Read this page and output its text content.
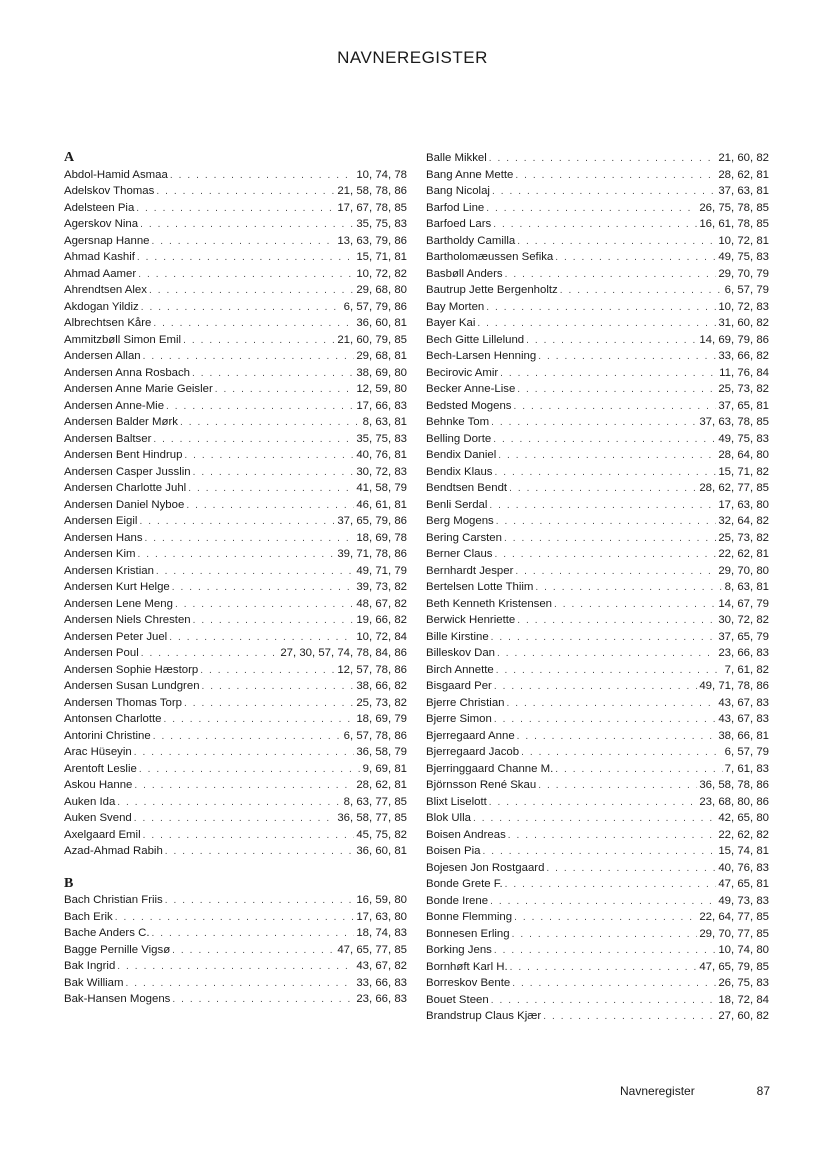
NAVNEREGISTER
A
Abdol-Hamid Asmaa . . .	10, 74, 78
Adelskov Thomas . . .	21, 58, 78, 86
Adelsteen Pia . . .	17, 67, 78, 85
Agerskov Nina . . .	35, 75, 83
Agersnap Hanne . . .	13, 63, 79, 86
Ahmad Kashif . . .	15, 71, 81
Ahmad Aamer . . .	10, 72, 82
Ahrendtsen Alex . . .	29, 68, 80
Akdogan Yildiz . . .	6, 57, 79, 86
Albrechtsen Kåre . . .	36, 60, 81
Ammitzbøll Simon Emil . . .	21, 60, 79, 85
Andersen Allan . . .	29, 68, 81
Andersen Anna Rosbach . . .	38, 69, 80
Andersen Anne Marie Geisler . . .	12, 59, 80
Andersen Anne-Mie . . .	17, 66, 83
Andersen Balder Mørk . . .	8, 63, 81
Andersen Baltser . . .	35, 75, 83
Andersen Bent Hindrup . . .	40, 76, 81
Andersen Casper Jusslin . . .	30, 72, 83
Andersen Charlotte Juhl . . .	41, 58, 79
Andersen Daniel Nyboe . . .	46, 61, 81
Andersen Eigil . . .	37, 65, 79, 86
Andersen Hans . . .	18, 69, 78
Andersen Kim . . .	39, 71, 78, 86
Andersen Kristian . . .	49, 71, 79
Andersen Kurt Helge . . .	39, 73, 82
Andersen Lene Meng . . .	48, 67, 82
Andersen Niels Chresten . . .	19, 66, 82
Andersen Peter Juel . . .	10, 72, 84
Andersen Poul . . .	27, 30, 57, 74, 78, 84, 86
Andersen Sophie Hæstorp . . .	12, 57, 78, 86
Andersen Susan Lundgren . . .	38, 66, 82
Andersen Thomas Torp . . .	25, 73, 82
Antonsen Charlotte . . .	18, 69, 79
Antorini Christine . . .	6, 57, 78, 86
Arac Hüseyin . . .	36, 58, 79
Arentoft Leslie . . .	9, 69, 81
Askou Hanne . . .	28, 62, 81
Auken Ida . . .	8, 63, 77, 85
Auken Svend . . .	36, 58, 77, 85
Axelgaard Emil . . .	45, 75, 82
Azad-Ahmad Rabih . . .	36, 60, 81
B
Bach Christian Friis . . .	16, 59, 80
Bach Erik . . .	17, 63, 80
Bache Anders C. . . .	18, 74, 83
Bagge Pernille Vigsø . . .	47, 65, 77, 85
Bak Ingrid . . .	43, 67, 82
Bak William . . .	33, 66, 83
Bak-Hansen Mogens . . .	23, 66, 83
Balle Mikkel . . .	21, 60, 82
Bang Anne Mette . . .	28, 62, 81
Bang Nicolaj . . .	37, 63, 81
Barfod Line . . .	26, 75, 78, 85
Barfoed Lars . . .	16, 61, 78, 85
Bartholdy Camilla . . .	10, 72, 81
Bartholomæussen Sefika . . .	49, 75, 83
Basbøll Anders . . .	29, 70, 79
Bautrup Jette Bergenholtz . . .	6, 57, 79
Bay Morten . . .	10, 72, 83
Bayer Kai . . .	31, 60, 82
Bech Gitte Lillelund . . .	14, 69, 79, 86
Bech-Larsen Henning . . .	33, 66, 82
Becirovic Amir . . .	11, 76, 84
Becker Anne-Lise . . .	25, 73, 82
Bedsted Mogens . . .	37, 65, 81
Behnke Tom . . .	37, 63, 78, 85
Belling Dorte . . .	49, 75, 83
Bendix Daniel . . .	28, 64, 80
Bendix Klaus . . .	15, 71, 82
Bendtsen Bendt . . .	28, 62, 77, 85
Benli Serdal . . .	17, 63, 80
Berg Mogens . . .	32, 64, 82
Bering Carsten . . .	25, 73, 82
Berner Claus . . .	22, 62, 81
Bernhardt Jesper . . .	29, 70, 80
Bertelsen Lotte Thiim . . .	8, 63, 81
Beth Kenneth Kristensen . . .	14, 67, 79
Berwick Henriette . . .	30, 72, 82
Bille Kirstine . . .	37, 65, 79
Billeskov Dan . . .	23, 66, 83
Birch Annette . . .	7, 61, 82
Bisgaard Per . . .	49, 71, 78, 86
Bjerre Christian . . .	43, 67, 83
Bjerre Simon . . .	43, 67, 83
Bjerregaard Anne . . .	38, 66, 81
Bjerregaard Jacob . . .	6, 57, 79
Bjerringgaard Channe M. . . .	7, 61, 83
Björnsson René Skau . . .	36, 58, 78, 86
Blixt Liselott . . .	23, 68, 80, 86
Blok Ulla . . .	42, 65, 80
Boisen Andreas . . .	22, 62, 82
Boisen Pia . . .	15, 74, 81
Bojesen Jon Rostgaard . . .	40, 76, 83
Bonde Grete F. . . .	47, 65, 81
Bonde Irene . . .	49, 73, 83
Bonne Flemming . . .	22, 64, 77, 85
Bonnesen Erling . . .	29, 70, 77, 85
Borking Jens . . .	10, 74, 80
Bornhøft Karl H. . . .	47, 65, 79, 85
Borreskov Bente . . .	26, 75, 83
Bouet Steen . . .	18, 72, 84
Brandstrup Claus Kjær . . .	27, 60, 82
Navneregister	87
